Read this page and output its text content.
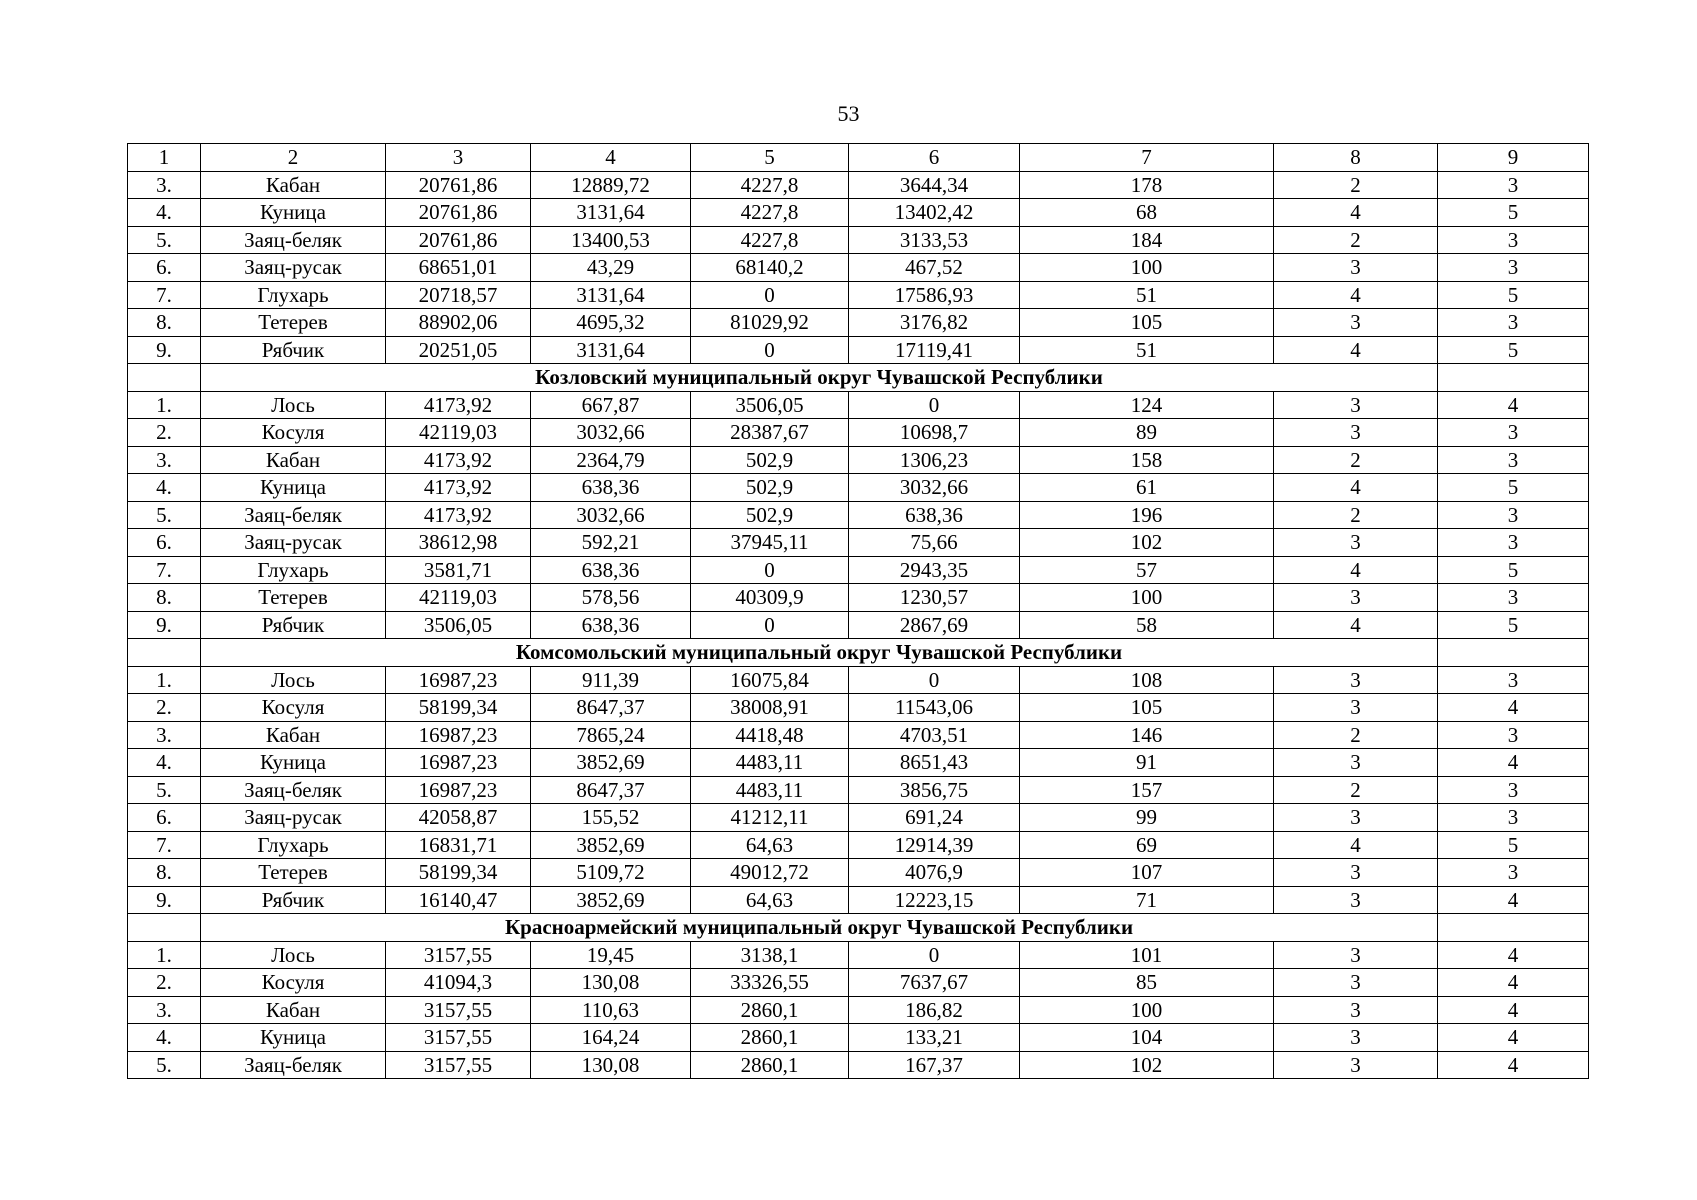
53
1	2	3	4	5	6	7	8	9
3.	Кабан	20761,86	12889,72	4227,8	3644,34	178	2	3
4.	Куница	20761,86	3131,64	4227,8	13402,42	68	4	5
5.	Заяц-беляк	20761,86	13400,53	4227,8	3133,53	184	2	3
6.	Заяц-русак	68651,01	43,29	68140,2	467,52	100	3	3
7.	Глухарь	20718,57	3131,64	0	17586,93	51	4	5
8.	Тетерев	88902,06	4695,32	81029,92	3176,82	105	3	3
9.	Рябчик	20251,05	3131,64	0	17119,41	51	4	5
	Козловский муниципальный округ Чувашской Республики							
1.	Лось	4173,92	667,87	3506,05	0	124	3	4
2.	Косуля	42119,03	3032,66	28387,67	10698,7	89	3	3
3.	Кабан	4173,92	2364,79	502,9	1306,23	158	2	3
4.	Куница	4173,92	638,36	502,9	3032,66	61	4	5
5.	Заяц-беляк	4173,92	3032,66	502,9	638,36	196	2	3
6.	Заяц-русак	38612,98	592,21	37945,11	75,66	102	3	3
7.	Глухарь	3581,71	638,36	0	2943,35	57	4	5
8.	Тетерев	42119,03	578,56	40309,9	1230,57	100	3	3
9.	Рябчик	3506,05	638,36	0	2867,69	58	4	5
	Комсомольский муниципальный округ Чувашской Республики							
1.	Лось	16987,23	911,39	16075,84	0	108	3	3
2.	Косуля	58199,34	8647,37	38008,91	11543,06	105	3	4
3.	Кабан	16987,23	7865,24	4418,48	4703,51	146	2	3
4.	Куница	16987,23	3852,69	4483,11	8651,43	91	3	4
5.	Заяц-беляк	16987,23	8647,37	4483,11	3856,75	157	2	3
6.	Заяц-русак	42058,87	155,52	41212,11	691,24	99	3	3
7.	Глухарь	16831,71	3852,69	64,63	12914,39	69	4	5
8.	Тетерев	58199,34	5109,72	49012,72	4076,9	107	3	3
9.	Рябчик	16140,47	3852,69	64,63	12223,15	71	3	4
	Красноармейский муниципальный округ Чувашской Республики							
1.	Лось	3157,55	19,45	3138,1	0	101	3	4
2.	Косуля	41094,3	130,08	33326,55	7637,67	85	3	4
3.	Кабан	3157,55	110,63	2860,1	186,82	100	3	4
4.	Куница	3157,55	164,24	2860,1	133,21	104	3	4
5.	Заяц-беляк	3157,55	130,08	2860,1	167,37	102	3	4
